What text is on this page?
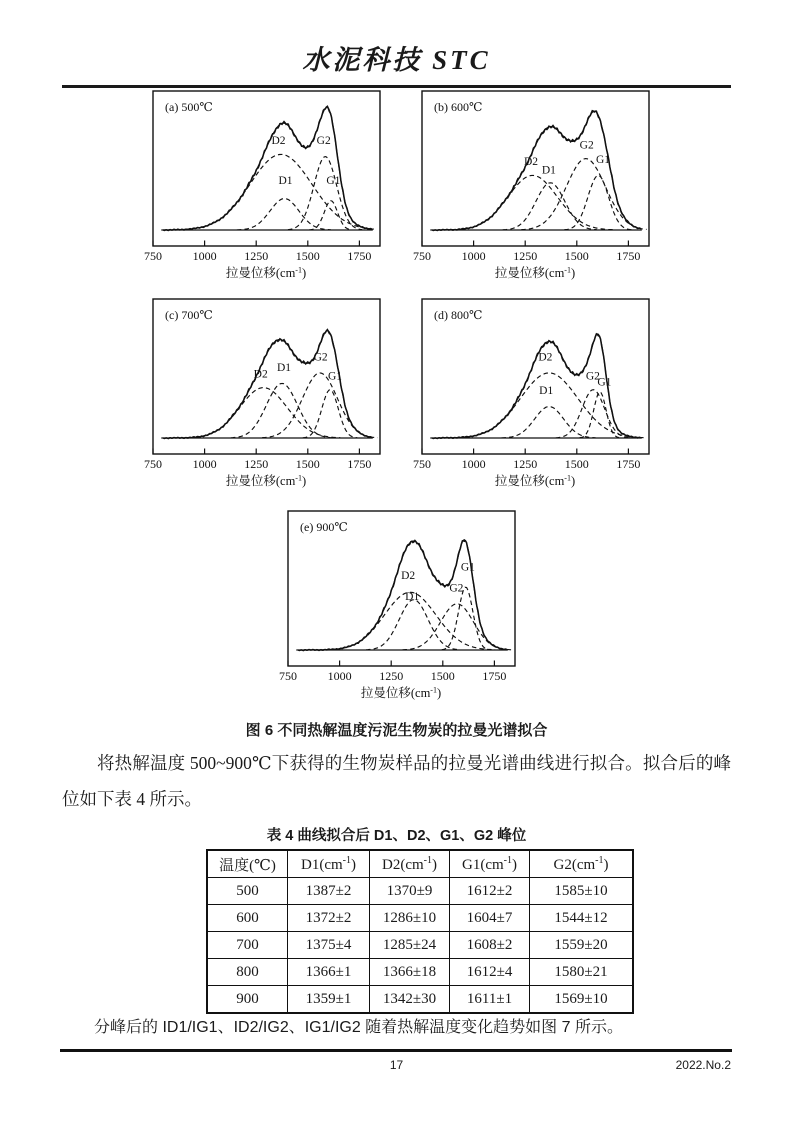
水泥科技 STC
750	1000 1250 1500 1750
拉曼位移$(cm^{-1})$
D2
D1
G2
G1
(a) 500℃
750	1000 1250 1500 1750
拉曼位移$(cm^{-1})$
D2
D1
G2
G1
(b) 600℃
750	1000 1250 1500 1750
拉曼位移$(cm^{-1})$
D2
D1
G2
G1
(c) 700℃
750	1000 1250 1500 1750
拉曼位移$(cm^{-1})$
D2
D1
G2
G1
(d) 800℃
750	1000 1250 1500 1750
拉曼位移$(cm^{-1})$
D2
D1
G2
G1
(e) 900℃
图 6 不同热解温度污泥生物炭的拉曼光谱拟合

将热解温度 500~900℃下获得的生物炭样品的拉曼光谱曲线进行拟合。拟合后的峰位如下表 4 所示。

表 4 曲线拟合后 D1、D2、G1、G2 峰位
温度(℃)	$D1(cm^{-1})$	$D2(cm^{-1})$	$G1(cm^{-1})$	$G2(cm^{-1})$
500	1387±2	1370±9	1612±2	1585±10
600	1372±2	1286±10	1604±7	1544±12
700	1375±4	1285±24	1608±2	1559±20
800	1366±1	1366±18	1612±4	1580±21
900	1359±1	1342±30	1611±1	1569±10

分峰后的 ID1/IG1、ID2/IG2、IG1/IG2 随着热解温度变化趋势如图 7 所示。

17	2022.No.2
